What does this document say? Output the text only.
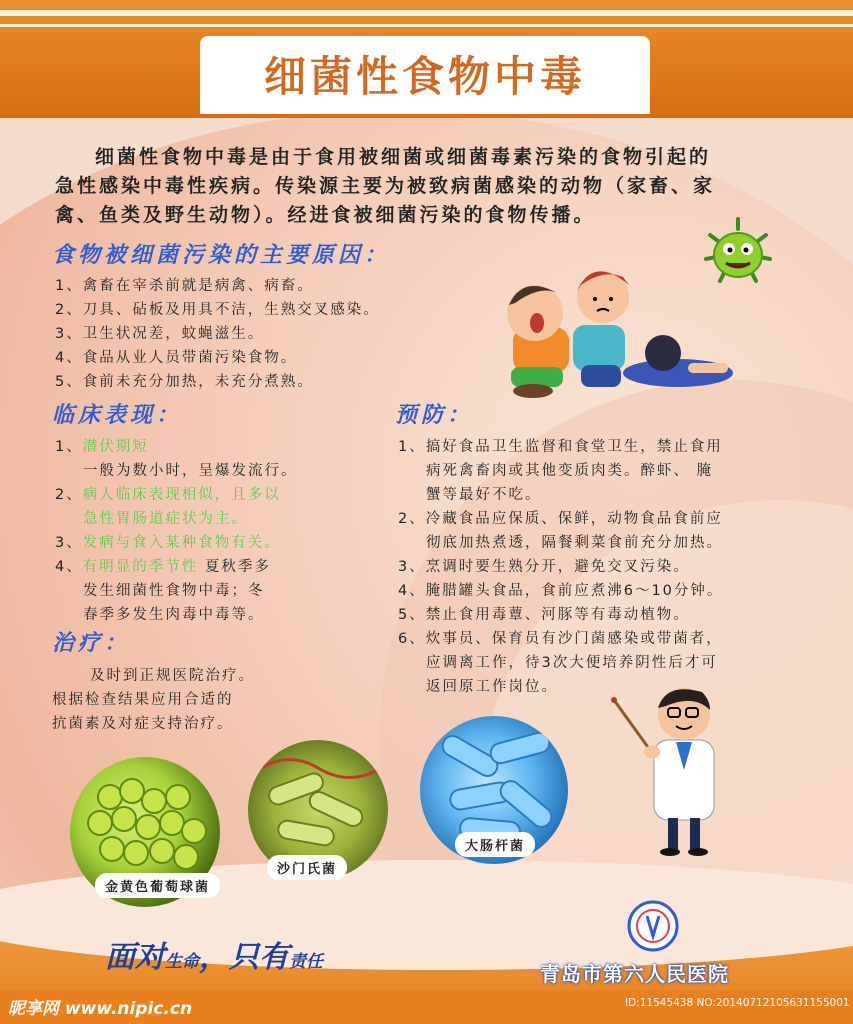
细菌性食物中毒
细菌性食物中毒是由于食用被细菌或细菌毒素污染的食物引起的
急性感染中毒性疾病。传染源主要为被致病菌感染的动物（家畜、家
禽、鱼类及野生动物）。经进食被细菌污染的食物传播。
食物被细菌污染的主要原因：
1、禽畜在宰杀前就是病禽、病畜。
2、刀具、砧板及用具不洁，生熟交叉感染。
3、卫生状况差，蚊蝇滋生。
4、食品从业人员带菌污染食物。
5、食前未充分加热，未充分煮熟。
临床表现：
1、潜伏期短
一般为数小时，呈爆发流行。
2、病人临床表现相似，且多以
急性胃肠道症状为主。
3、发病与食入某种食物有关。
4、有明显的季节性 夏秋季多
发生细菌性食物中毒；冬
春季多发生肉毒中毒等。
治疗：
及时到正规医院治疗。
根据检查结果应用合适的
抗菌素及对症支持治疗。
预防：
1、搞好食品卫生监督和食堂卫生，禁止食用
病死禽畜肉或其他变质肉类。醉虾、 腌
蟹等最好不吃。
2、冷藏食品应保质、保鲜，动物食品食前应
彻底加热煮透，隔餐剩菜食前充分加热。
3、烹调时要生熟分开，避免交叉污染。
4、腌腊罐头食品，食前应煮沸6～10分钟。
5、禁止食用毒蕈、河豚等有毒动植物。
6、炊事员、保育员有沙门菌感染或带菌者，
应调离工作，待3次大便培养阴性后才可
返回原工作岗位。
金黄色葡萄球菌
沙门氏菌
大肠杆菌
面对生命，只有责任	青岛市第六人民医院
昵享网 www.nipic.cn	ID:11545438 NO:20140712105631155001
